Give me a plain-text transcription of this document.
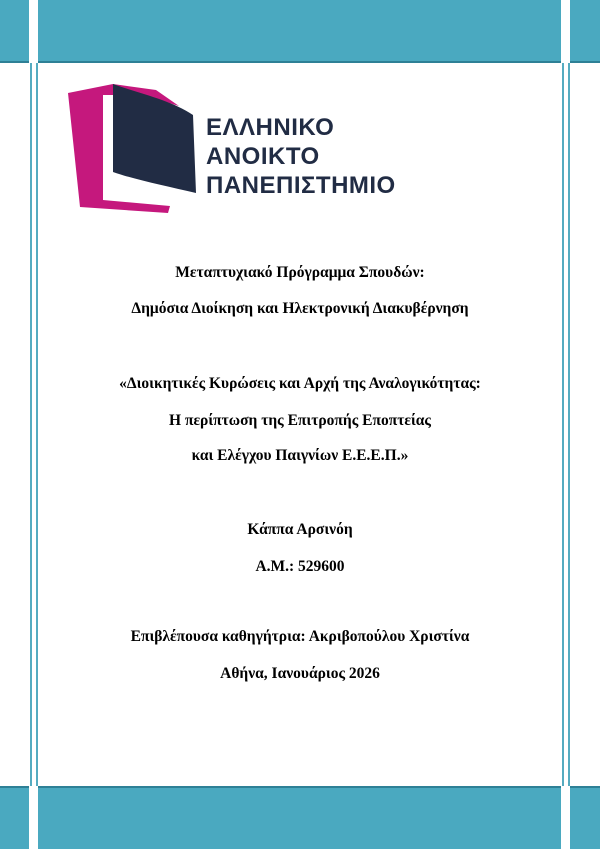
ΕΛΛΗΝΙΚΟ
ΑΝΟΙΚΤΟ
ΠΑΝΕΠΙΣΤΗΜΙΟ

Μεταπτυχιακό Πρόγραμμα Σπουδών:

Δημόσια Διοίκηση και Ηλεκτρονική Διακυβέρνηση

«Διοικητικές Κυρώσεις και Αρχή της Αναλογικότητας:

Η περίπτωση της Επιτροπής Εποπτείας

και Ελέγχου Παιγνίων Ε.Ε.Ε.Π.»

Κάππα Αρσινόη

Α.Μ.: 529600

Επιβλέπουσα καθηγήτρια: Ακριβοπούλου Χριστίνα

Αθήνα, Ιανουάριος 2026
